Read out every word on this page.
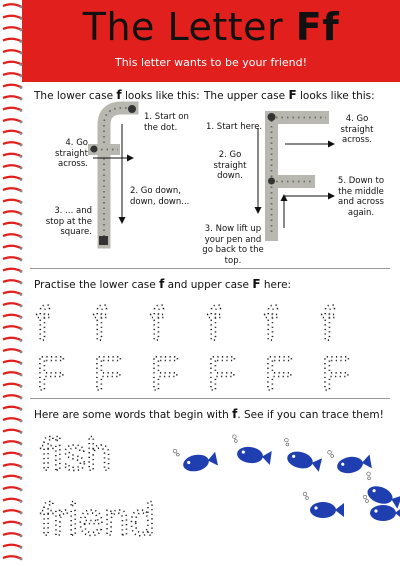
The Letter Ff
This letter wants to be your friend!
The lower case f looks like this:
1. Start on the dot.
4. Go straight across.
2. Go down, down, down...
3. ... and stop at the square.
The upper case F looks like this:
1. Start here.
4. Go straight across.
2. Go straight down.	5. Down to the middle and across again.
3. Now lift up your pen and go back to the top.
Practise the lower case f and upper case F here:
Here are some words that begin with f. See if you can trace them!
f f f f f f
F F F F F F
fish
friend
